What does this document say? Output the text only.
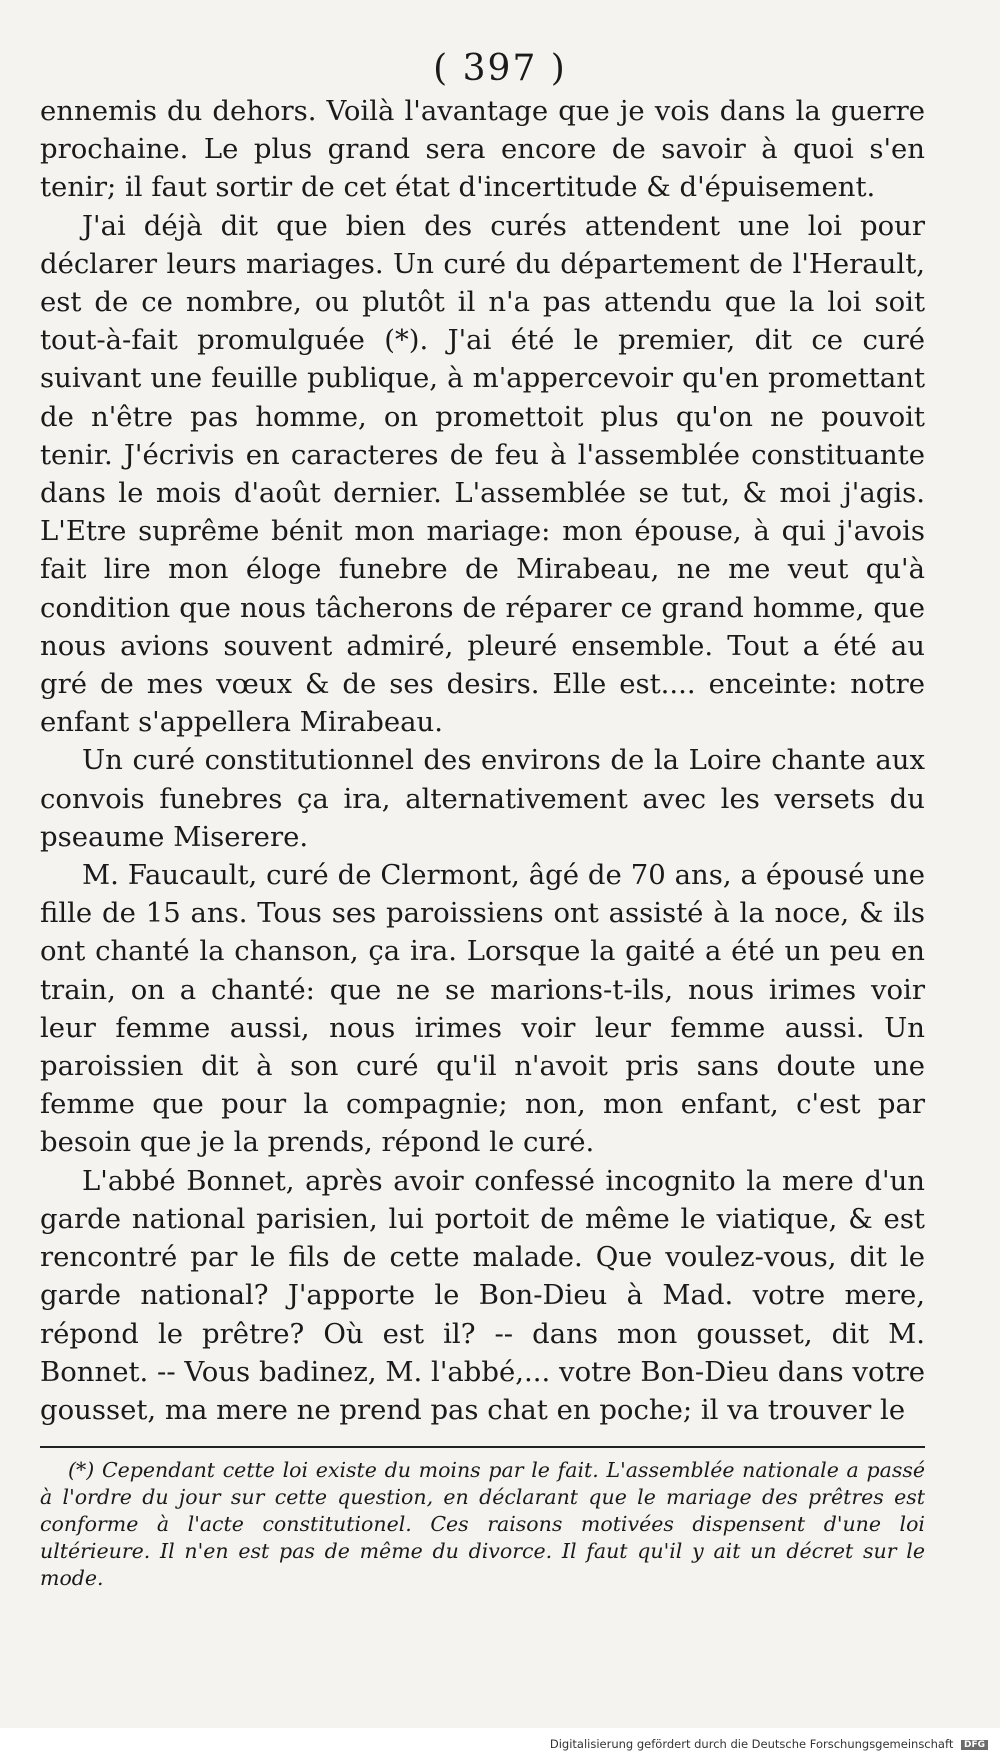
( 397 )

ennemis du dehors. Voilà l'avantage que je vois dans la guerre prochaine. Le plus grand sera encore de savoir à quoi s'en tenir; il faut sortir de cet état d'incertitude & d'épuisement.

J'ai déjà dit que bien des curés attendent une loi pour déclarer leurs mariages. Un curé du département de l'Herault, est de ce nombre, ou plutôt il n'a pas attendu que la loi soit tout-à-fait promulguée (*). J'ai été le premier, dit ce curé suivant une feuille publique, à m'appercevoir qu'en promettant de n'être pas homme, on promettoit plus qu'on ne pouvoit tenir. J'écrivis en caracteres de feu à l'assemblée constituante dans le mois d'août dernier. L'assemblée se tut, & moi j'agis. L'Etre suprême bénit mon mariage: mon épouse, à qui j'avois fait lire mon éloge funebre de Mirabeau, ne me veut qu'à condition que nous tâcherons de réparer ce grand homme, que nous avions souvent admiré, pleuré ensemble. Tout a été au gré de mes vœux & de ses desirs. Elle est.... enceinte: notre enfant s'appellera Mirabeau.

Un curé constitutionnel des environs de la Loire chante aux convois funebres ça ira, alternativement avec les versets du pseaume Miserere.

M. Faucault, curé de Clermont, âgé de 70 ans, a épousé une fille de 15 ans. Tous ses paroissiens ont assisté à la noce, & ils ont chanté la chanson, ça ira. Lorsque la gaité a été un peu en train, on a chanté: que ne se marions-t-ils, nous irimes voir leur femme aussi, nous irimes voir leur femme aussi. Un paroissien dit à son curé qu'il n'avoit pris sans doute une femme que pour la compagnie; non, mon enfant, c'est par besoin que je la prends, répond le curé.

L'abbé Bonnet, après avoir confessé incognito la mere d'un garde national parisien, lui portoit de même le viatique, & est rencontré par le fils de cette malade. Que voulez-vous, dit le garde national? J'apporte le Bon-Dieu à Mad. votre mere, répond le prêtre? Où est il? -- dans mon gousset, dit M. Bonnet. -- Vous badinez, M. l'abbé,... votre Bon-Dieu dans votre gousset, ma mere ne prend pas chat en poche; il va trouver le

(*) Cependant cette loi existe du moins par le fait. L'assemblée nationale a passé à l'ordre du jour sur cette question, en déclarant que le mariage des prêtres est conforme à l'acte constitutionel. Ces raisons motivées dispensent d'une loi ultérieure. Il n'en est pas de même du divorce. Il faut qu'il y ait un décret sur le mode.
Digitalisierung gefördert durch die Deutsche Forschungsgemeinschaft DFG
